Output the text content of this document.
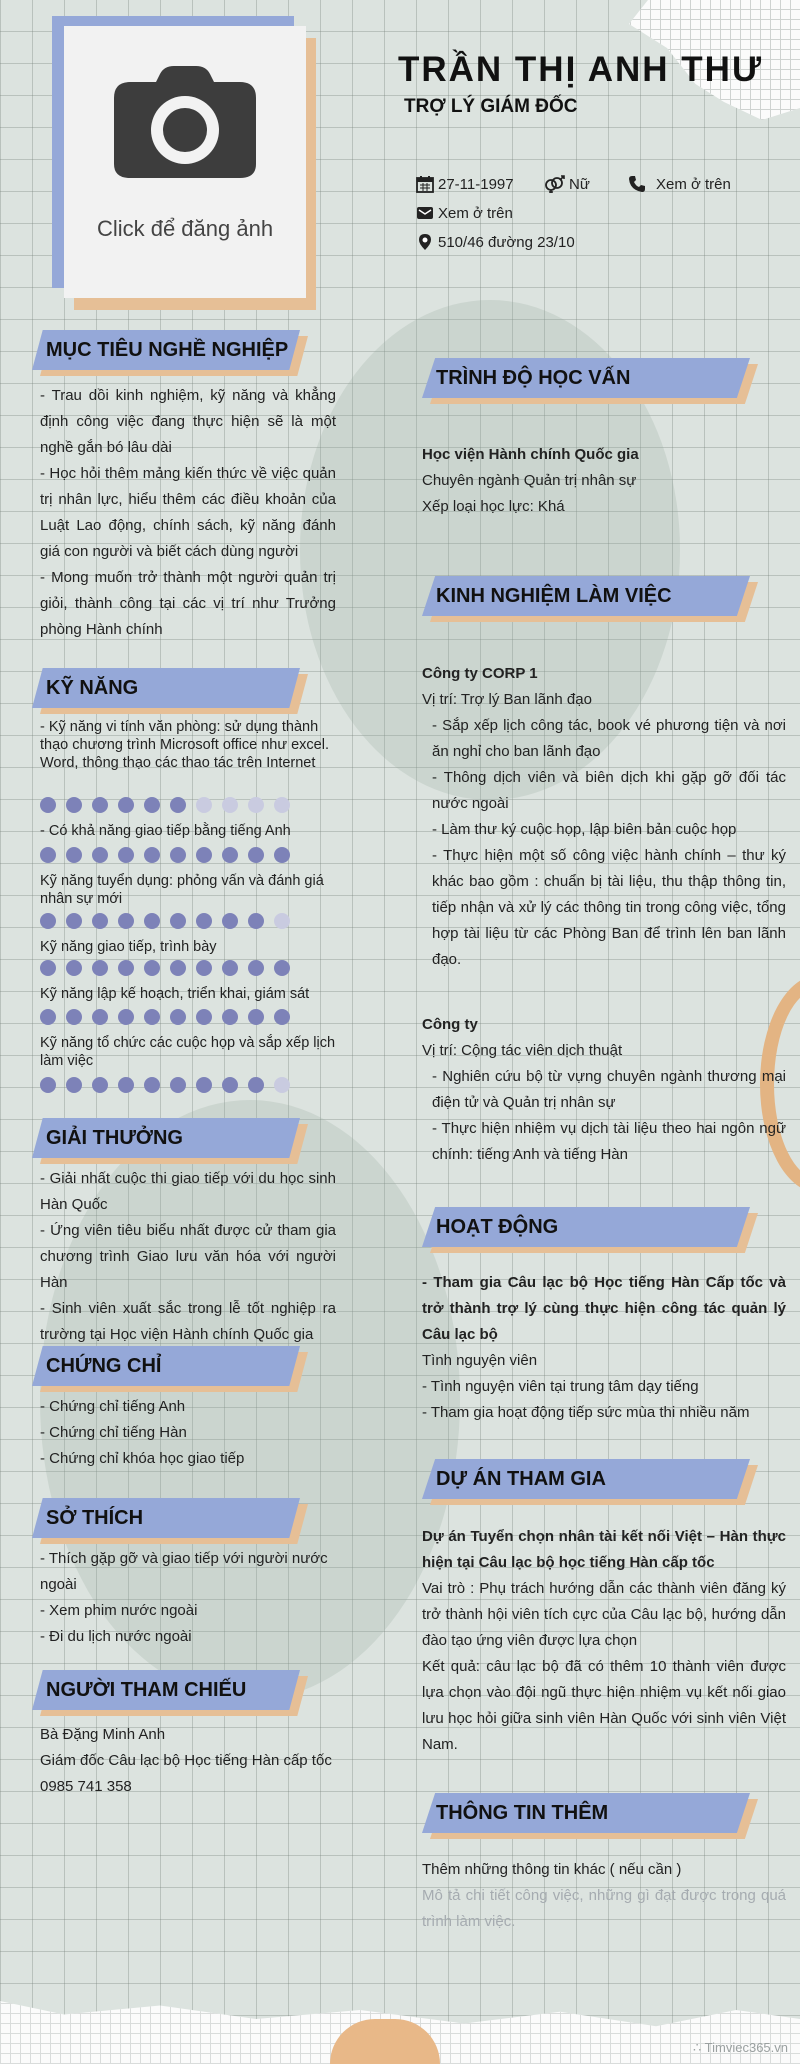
Click để đăng ảnh
TRẦN THỊ ANH THƯ
TRỢ LÝ GIÁM ĐỐC
27-11-1997	Nữ	Xem ở trên
Xem ở trên
510/46 đường 23/10
MỤC TIÊU NGHỀ NGHIỆP

- Trau dồi kinh nghiệm, kỹ năng và khẳng định công việc đang thực hiện sẽ là một nghề gắn bó lâu dài

- Học hỏi thêm mảng kiến thức về việc quản trị nhân lực, hiểu thêm các điều khoản của Luật Lao động, chính sách, kỹ năng đánh giá con người và biết cách dùng người

- Mong muốn trở thành một người quản trị giỏi, thành công tại các vị trí như Trưởng phòng Hành chính

KỸ NĂNG
- Kỹ năng vi tính văn phòng: sử dụng thành thạo chương trình Microsoft office như excel. Word, thông thạo các thao tác trên Internet
- Có khả năng giao tiếp bằng tiếng Anh
Kỹ năng tuyển dụng: phỏng vấn và đánh giá nhân sự mới
Kỹ năng giao tiếp, trình bày
Kỹ năng lập kế hoạch, triển khai, giám sát
Kỹ năng tổ chức các cuộc họp và sắp xếp lịch làm việc
GIẢI THƯỞNG

- Giải nhất cuộc thi giao tiếp với du học sinh Hàn Quốc

- Ứng viên tiêu biểu nhất được cử tham gia chương trình Giao lưu văn hóa với người Hàn

- Sinh viên xuất sắc trong lễ tốt nghiệp ra trường tại Học viện Hành chính Quốc gia

CHỨNG CHỈ

- Chứng chỉ tiếng Anh

- Chứng chỉ tiếng Hàn

- Chứng chỉ khóa học giao tiếp

SỞ THÍCH

- Thích gặp gỡ và giao tiếp với người nước ngoài

- Xem phim nước ngoài

- Đi du lịch nước ngoài

NGƯỜI THAM CHIẾU

Bà Đặng Minh Anh

Giám đốc Câu lạc bộ Học tiếng Hàn cấp tốc

0985 741 358

TRÌNH ĐỘ HỌC VẤN

Học viện Hành chính Quốc gia

Chuyên ngành Quản trị nhân sự

Xếp loại học lực: Khá

KINH NGHIỆM LÀM VIỆC

Công ty CORP 1

Vị trí: Trợ lý Ban lãnh đạo

- Sắp xếp lịch công tác, book vé phương tiện và nơi ăn nghỉ cho ban lãnh đạo

- Thông dịch viên và biên dịch khi gặp gỡ đối tác nước ngoài

- Làm thư ký cuộc họp, lập biên bản cuộc họp

- Thực hiện một số công việc hành chính – thư ký khác bao gồm : chuẩn bị tài liệu, thu thập thông tin, tiếp nhận và xử lý các thông tin trong công việc, tổng hợp tài liệu từ các Phòng Ban để trình lên ban lãnh đạo.

Công ty

Vị trí: Cộng tác viên dịch thuật

- Nghiên cứu bộ từ vựng chuyên ngành thương mại điện tử và Quản trị nhân sự

- Thực hiện nhiệm vụ dịch tài liệu theo hai ngôn ngữ chính: tiếng Anh và tiếng Hàn

HOẠT ĐỘNG

- Tham gia Câu lạc bộ Học tiếng Hàn Cấp tốc và trở thành trợ lý cùng thực hiện công tác quản lý Câu lạc bộ

Tình nguyện viên

- Tình nguyện viên tại trung tâm dạy tiếng

- Tham gia hoạt động tiếp sức mùa thi nhiều năm

DỰ ÁN THAM GIA

Dự án Tuyển chọn nhân tài kết nối Việt – Hàn thực hiện tại Câu lạc bộ học tiếng Hàn cấp tốc

Vai trò : Phụ trách hướng dẫn các thành viên đăng ký trở thành hội viên tích cực của Câu lạc bộ, hướng dẫn đào tạo ứng viên được lựa chọn

Kết quả: câu lạc bộ đã có thêm 10 thành viên được lựa chọn vào đội ngũ thực hiện nhiệm vụ kết nối giao lưu học hỏi giữa sinh viên Hàn Quốc với sinh viên Việt Nam.

THÔNG TIN THÊM

Thêm những thông tin khác ( nếu cần )

Mô tả chi tiết công việc, những gì đạt được trong quá trình làm việc.

∴ Timviec365.vn
